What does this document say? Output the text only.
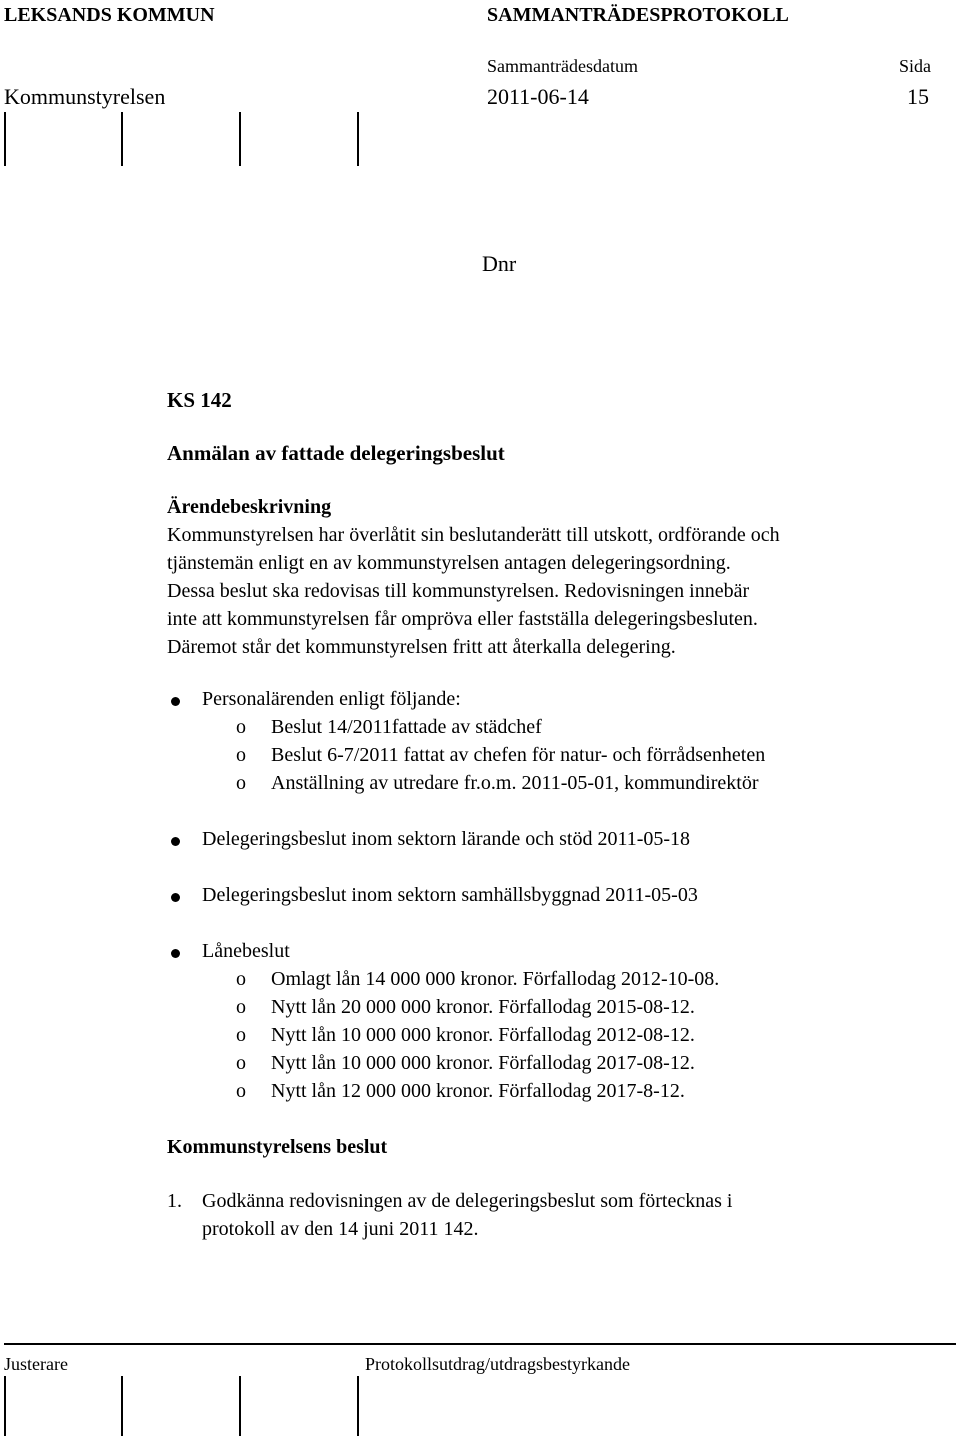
LEKSANDS KOMMUN	SAMMANTRÄDESPROTOKOLL
Sammanträdesdatum	Sida
Kommunstyrelsen	2011-06-14	15
Dnr
KS 142
Anmälan av fattade delegeringsbeslut
Ärendebeskrivning
Kommunstyrelsen har överlåtit sin beslutanderätt till utskott, ordförande och
tjänstemän enligt en av kommunstyrelsen antagen delegeringsordning.
Dessa beslut ska redovisas till kommunstyrelsen. Redovisningen innebär
inte att kommunstyrelsen får ompröva eller fastställa delegeringsbesluten.
Däremot står det kommunstyrelsen fritt att återkalla delegering.
Personalärenden enligt följande:
o Beslut 14/2011fattade av städchef
o Beslut 6-7/2011 fattat av chefen för natur- och förrådsenheten
o Anställning av utredare fr.o.m. 2011-05-01, kommundirektör
Delegeringsbeslut inom sektorn lärande och stöd 2011-05-18
Delegeringsbeslut inom sektorn samhällsbyggnad 2011-05-03
Lånebeslut
o Omlagt lån 14 000 000 kronor. Förfallodag 2012-10-08.
o Nytt lån 20 000 000 kronor. Förfallodag 2015-08-12.
o Nytt lån 10 000 000 kronor. Förfallodag 2012-08-12.
o Nytt lån 10 000 000 kronor. Förfallodag 2017-08-12.
o Nytt lån 12 000 000 kronor. Förfallodag 2017-8-12.
Kommunstyrelsens beslut
1. Godkänna redovisningen av de delegeringsbeslut som förtecknas i
protokoll av den 14 juni 2011 142.
Justerare	Protokollsutdrag/utdragsbestyrkande
